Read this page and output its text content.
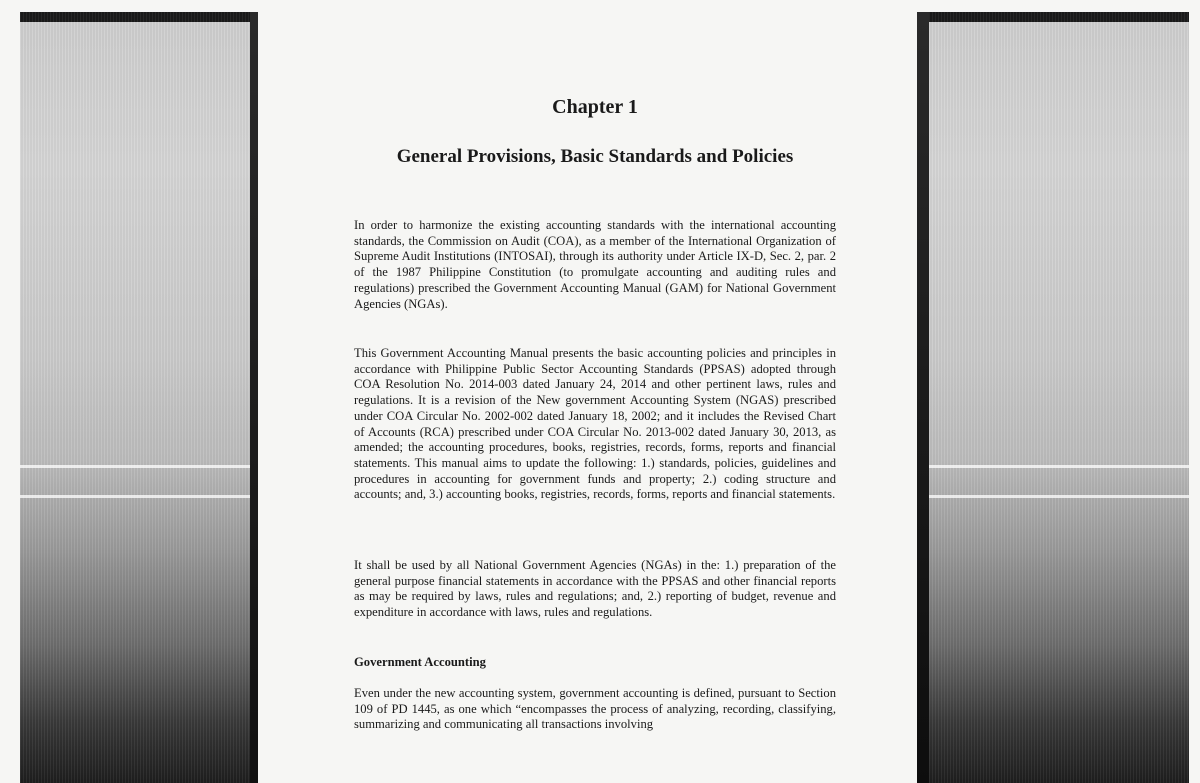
Chapter 1
General Provisions, Basic Standards and Policies

In order to harmonize the existing accounting standards with the international accounting standards, the Commission on Audit (COA), as a member of the International Organization of Supreme Audit Institutions (INTOSAI), through its authority under Article IX-D, Sec. 2, par. 2 of the 1987 Philippine Constitution (to promulgate accounting and auditing rules and regulations) prescribed the Government Accounting Manual (GAM) for National Government Agencies (NGAs).

This Government Accounting Manual presents the basic accounting policies and principles in accordance with Philippine Public Sector Accounting Standards (PPSAS) adopted through COA Resolution No. 2014-003 dated January 24, 2014 and other pertinent laws, rules and regulations. It is a revision of the New government Accounting System (NGAS) prescribed under COA Circular No. 2002-002 dated January 18, 2002; and it includes the Revised Chart of Accounts (RCA) prescribed under COA Circular No. 2013-002 dated January 30, 2013, as amended; the accounting procedures, books, registries, records, forms, reports and financial statements. This manual aims to update the following: 1.) standards, policies, guidelines and procedures in accounting for government funds and property; 2.) coding structure and accounts; and, 3.) accounting books, registries, records, forms, reports and financial statements.

It shall be used by all National Government Agencies (NGAs) in the: 1.) preparation of the general purpose financial statements in accordance with the PPSAS and other financial reports as may be required by laws, rules and regulations; and, 2.) reporting of budget, revenue and expenditure in accordance with laws, rules and regulations.

Government Accounting

Even under the new accounting system, government accounting is defined, pursuant to Section 109 of PD 1445, as one which “encompasses the process of analyzing, recording, classifying, summarizing and communicating all transactions involving
